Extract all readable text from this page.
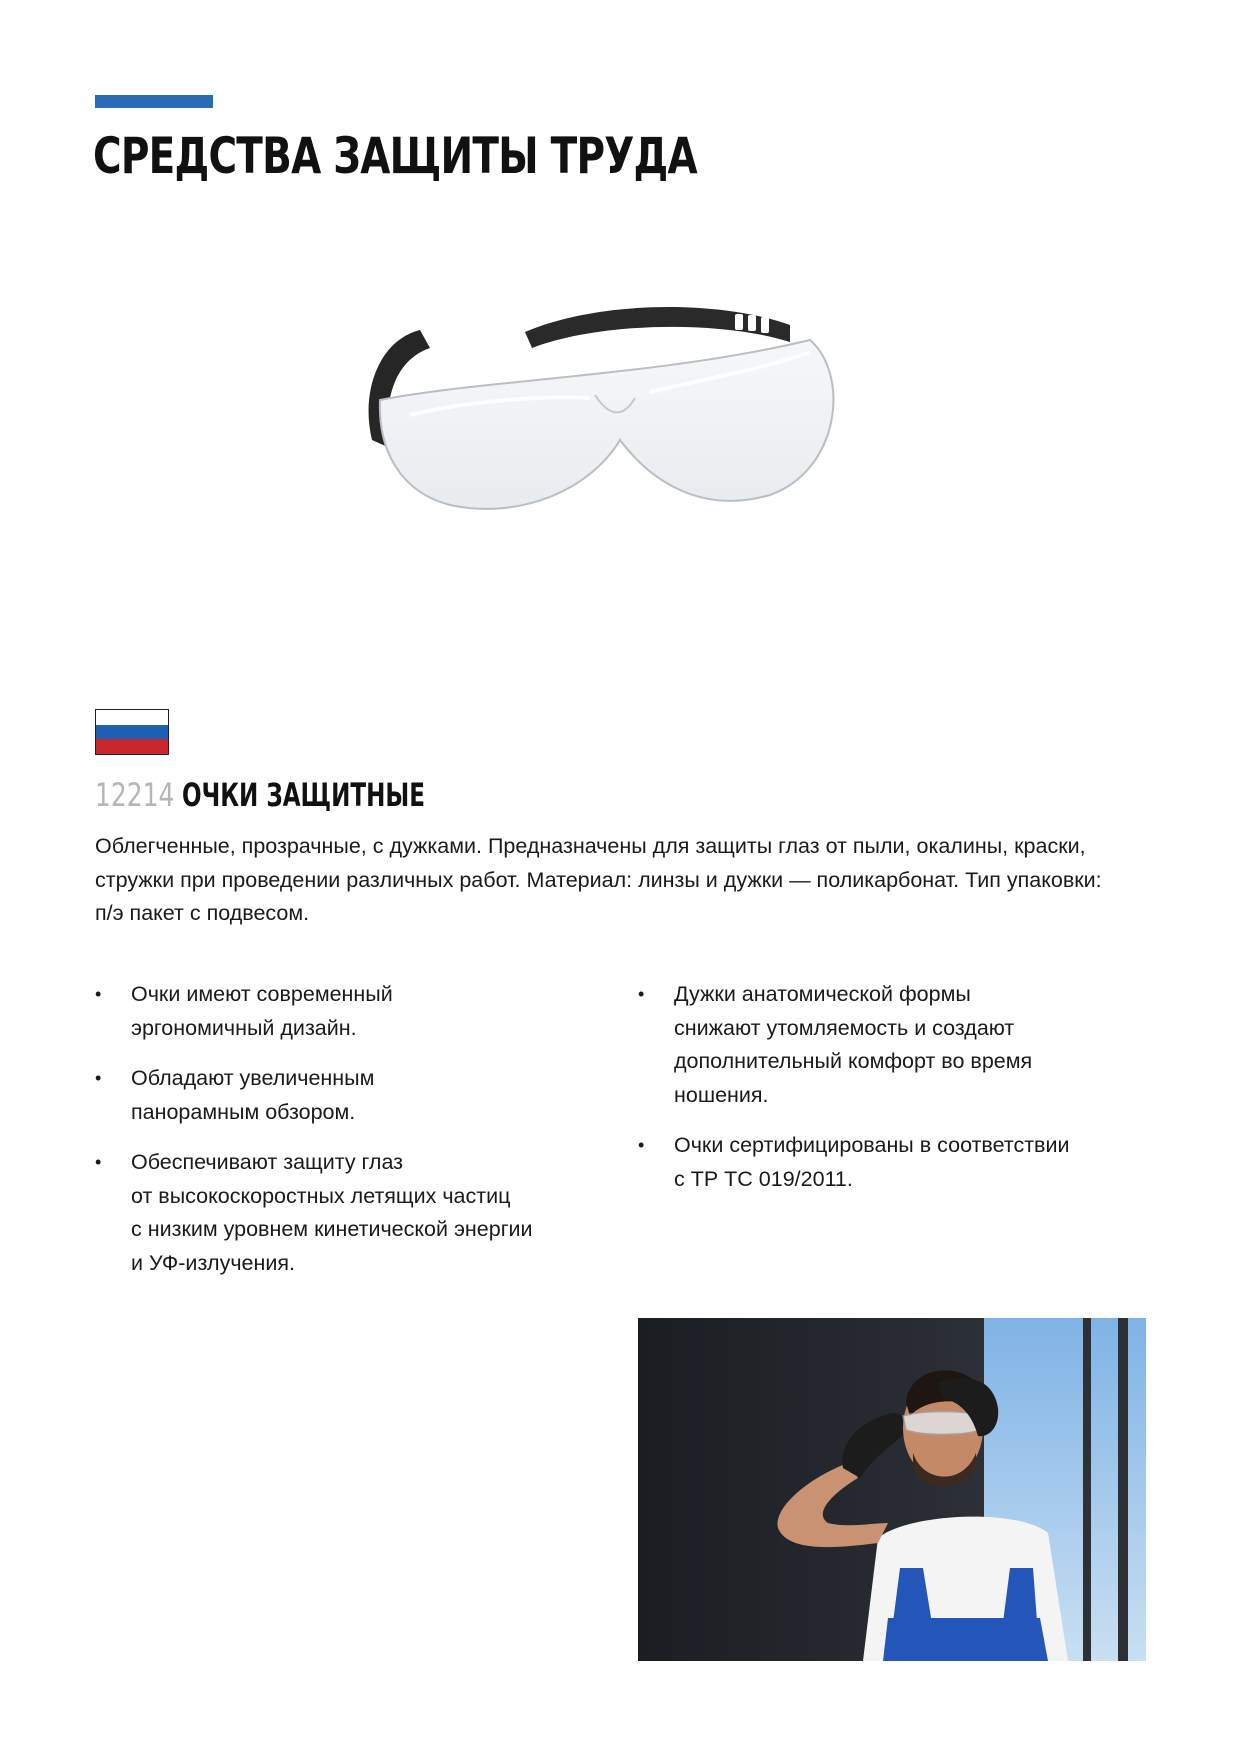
СРЕДСТВА ЗАЩИТЫ ТРУДА
12214 ОЧКИ ЗАЩИТНЫЕ

Облегченные, прозрачные, с дужками. Предназначены для защиты глаз от пыли, окалины, краски, стружки при проведении различных работ. Материал: линзы и дужки — поликарбонат. Тип упаковки: п/э пакет с подвесом.

• Очки имеют современный
эргономичный дизайн.
• Обладают увеличенным
панорамным обзором.
• Обеспечивают защиту глаз
от высокоскоростных летящих частиц
с низким уровнем кинетической энергии
и УФ-излучения.
• Дужки анатомической формы
снижают утомляемость и создают
дополнительный комфорт во время
ношения.
• Очки сертифицированы в соответствии
с ТР ТС 019/2011.
